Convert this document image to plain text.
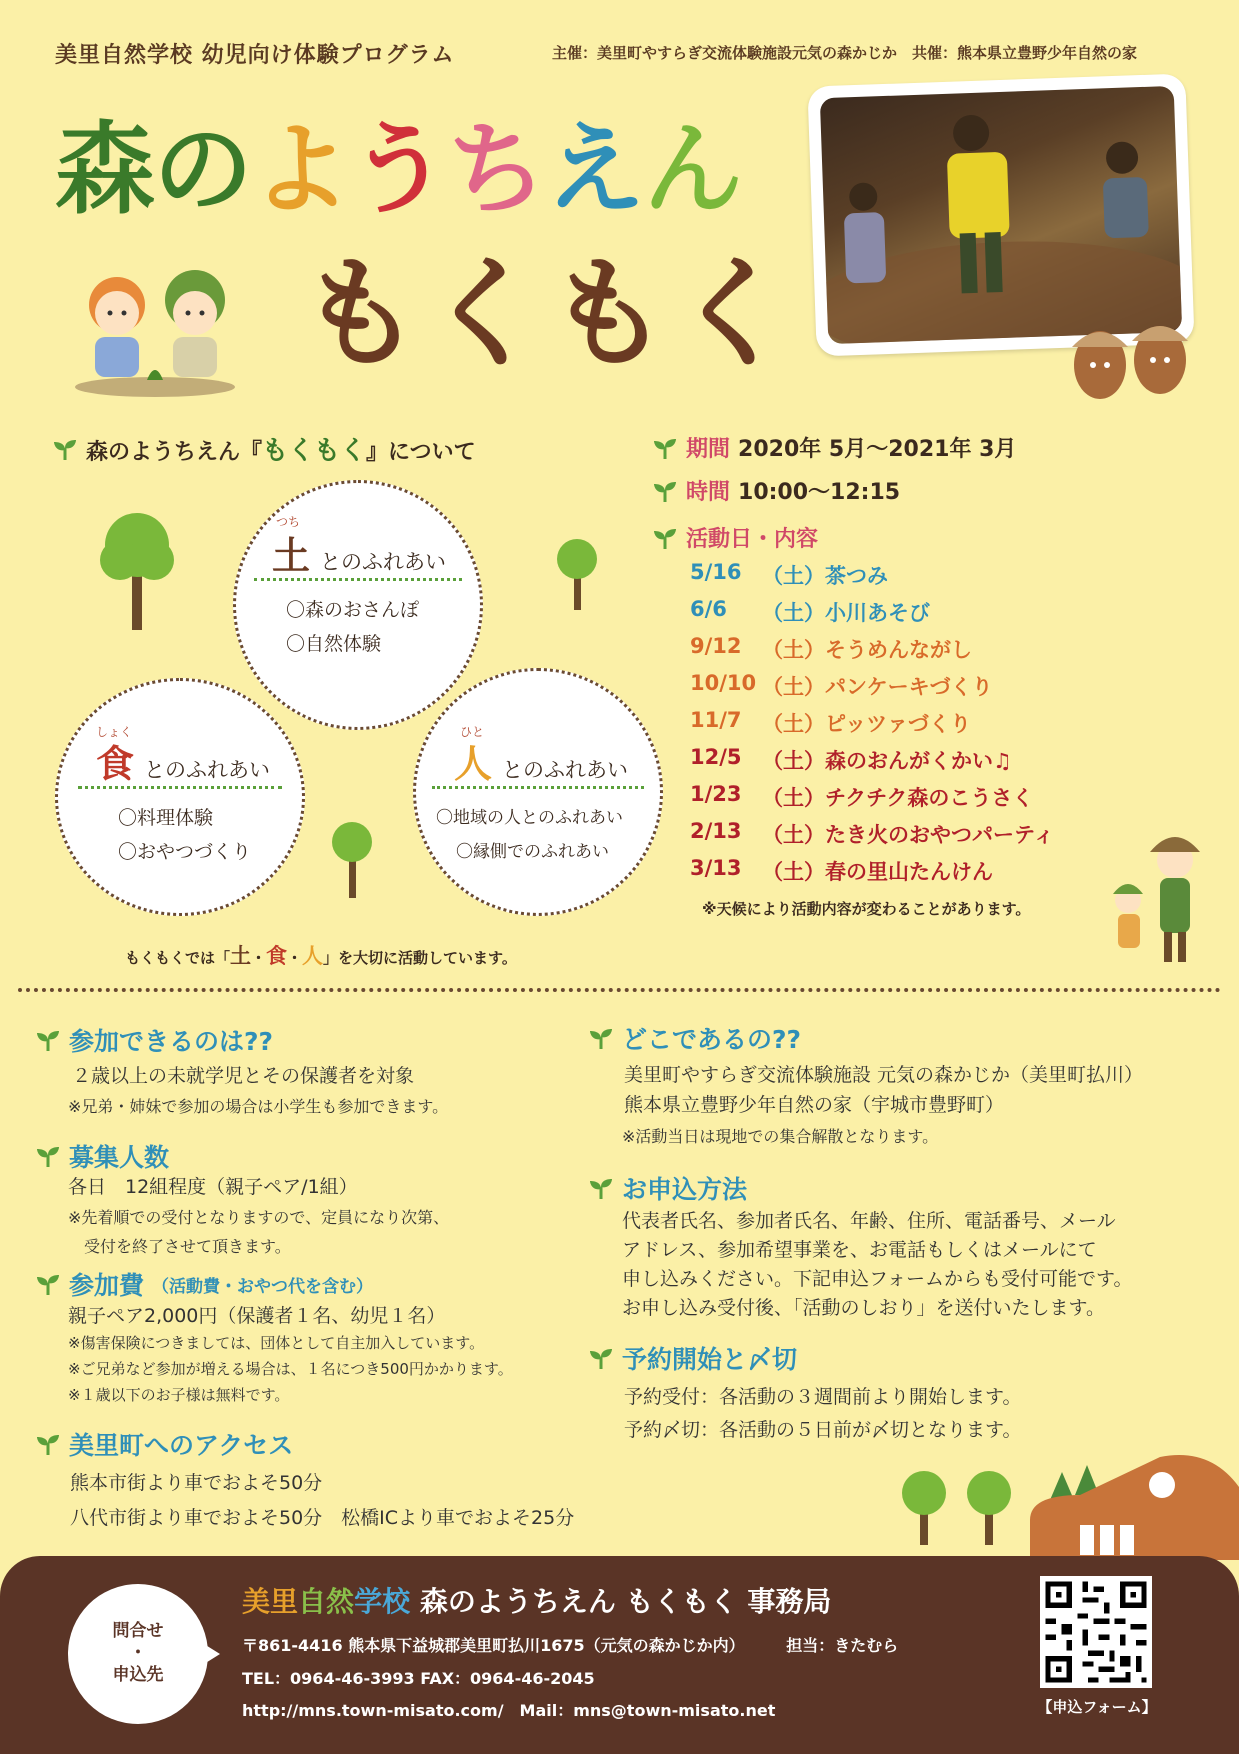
美里自然学校 幼児向け体験プログラム	主催：美里町やすらぎ交流体験施設元気の森かじか　共催：熊本県立豊野少年自然の家
森のようちえん
もくもく
森のようちえん『もくもく』について
つち
土 とのふれあい
〇森のおさんぽ
〇自然体験
しょく
食 とのふれあい
〇料理体験
〇おやつづくり
ひと
人 とのふれあい
〇地域の人とのふれあい
〇縁側でのふれあい
もくもくでは「土・食・人」を大切に活動しています。
期間 2020年 5月～2021年 3月
時間 10:00～12:15
活動日・内容
5/16 （土） 茶つみ
6/6	（土） 小川あそび
9/12 （土） そうめんながし
10/10 （土） パンケーキづくり
11/7 （土） ピッツァづくり
12/5 （土） 森のおんがくかい♫
1/23 （土） チクチク森のこうさく
2/13 （土） たき火のおやつパーティ
3/13 （土） 春の里山たんけん
※天候により活動内容が変わることがあります。
参加できるのは??
２歳以上の未就学児とその保護者を対象
※兄弟・姉妹で参加の場合は小学生も参加できます。
募集人数
各日　12組程度（親子ペア/1組）
※先着順での受付となりますので、定員になり次第、
受付を終了させて頂きます。
参加費 （活動費・おやつ代を含む）
親子ペア2,000円（保護者１名、幼児１名）
※傷害保険につきましては、団体として自主加入しています。
※ご兄弟など参加が増える場合は、１名につき500円かかります。
※１歳以下のお子様は無料です。
美里町へのアクセス
熊本市街より車でおよそ50分
八代市街より車でおよそ50分　松橋ICより車でおよそ25分
どこであるの??
美里町やすらぎ交流体験施設 元気の森かじか（美里町払川）
熊本県立豊野少年自然の家（宇城市豊野町）
※活動当日は現地での集合解散となります。
お申込方法
代表者氏名、参加者氏名、年齢、住所、電話番号、メール
アドレス、参加希望事業を、お電話もしくはメールにて
申し込みください。下記申込フォームからも受付可能です。
お申し込み受付後、「活動のしおり」を送付いたします。
予約開始と〆切
予約受付：各活動の３週間前より開始します。
予約〆切：各活動の５日前が〆切となります。
問合せ
・
申込先
美里自然学校 森のようちえん もくもく 事務局
〒861-4416 熊本県下益城郡美里町払川1675（元気の森かじか内）	担当：きたむら
TEL：0964-46-3993 FAX：0964-46-2045
http://mns.town-misato.com/　Mail：mns@town-misato.net	【申込フォーム】
